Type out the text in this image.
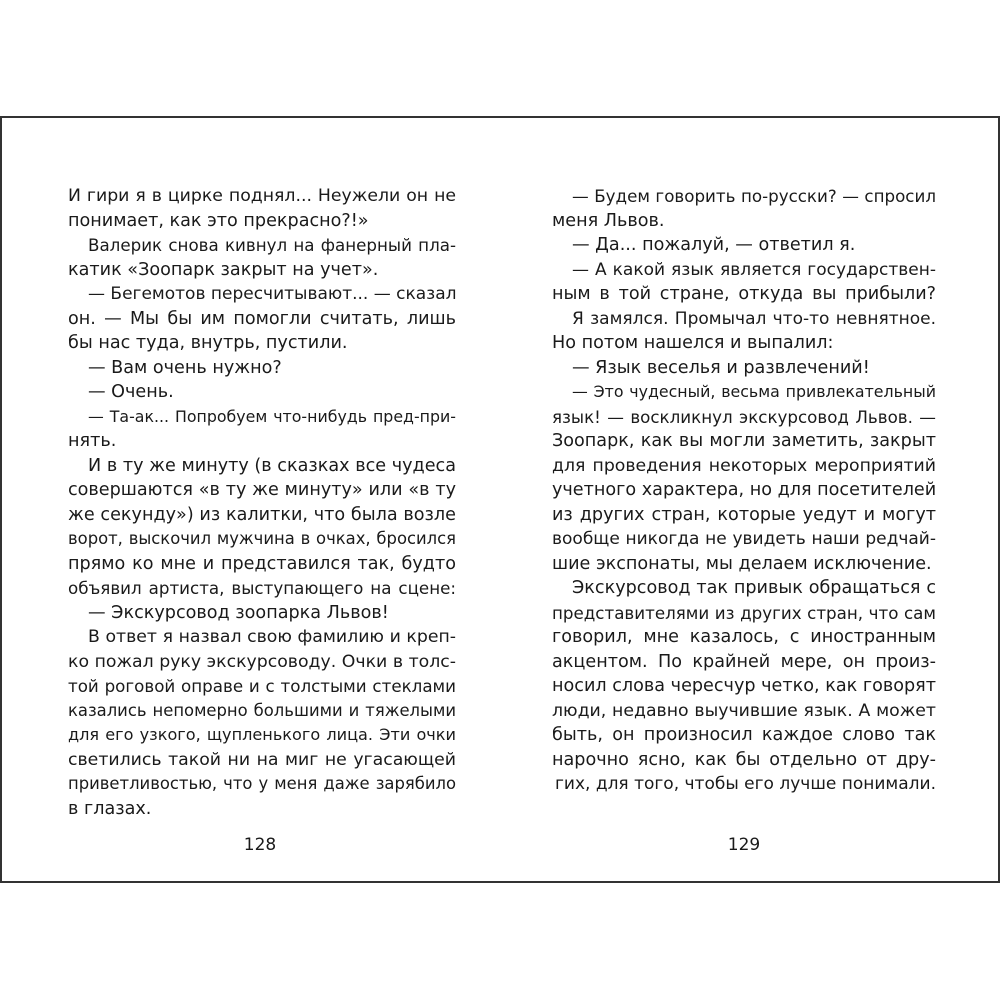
И гири я в цирке поднял... Неужели он не
понимает, как это прекрасно?!»
Валерик снова кивнул на фанерный пла-
катик «Зоопарк закрыт на учет».
— Бегемотов пересчитывают... — сказал
он. — Мы бы им помогли считать, лишь
бы нас туда, внутрь, пустили.
— Вам очень нужно?
— Очень.
— Та-ак... Попробуем что-нибудь пред-при-
нять.
И в ту же минуту (в сказках все чудеса
совершаются «в ту же минуту» или «в ту
же секунду») из калитки, что была возле
ворот, выскочил мужчина в очках, бросился
прямо ко мне и представился так, будто
объявил артиста, выступающего на сцене:
— Экскурсовод зоопарка Львов!
В ответ я назвал свою фамилию и креп-
ко пожал руку экскурсоводу. Очки в толс-
той роговой оправе и с толстыми стеклами
казались непомерно большими и тяжелыми
для его узкого, щупленького лица. Эти очки
светились такой ни на миг не угасающей
приветливостью, что у меня даже зарябило
в глазах.
128
— Будем говорить по-русски? — спросил
меня Львов.
— Да... пожалуй, — ответил я.
— А какой язык является государствен-
ным в той стране, откуда вы прибыли?
Я замялся. Промычал что-то невнятное.
Но потом нашелся и выпалил:
— Язык веселья и развлечений!
— Это чудесный, весьма привлекательный
язык! — воскликнул экскурсовод Львов. —
Зоопарк, как вы могли заметить, закрыт
для проведения некоторых мероприятий
учетного характера, но для посетителей
из других стран, которые уедут и могут
вообще никогда не увидеть наши редчай-
шие экспонаты, мы делаем исключение.
Экскурсовод так привык обращаться с
представителями из других стран, что сам
говорил, мне казалось, с иностранным
акцентом. По крайней мере, он произ-
носил слова чересчур четко, как говорят
люди, недавно выучившие язык. А может
быть, он произносил каждое слово так
нарочно ясно, как бы отдельно от дру-
гих, для того, чтобы его лучше понимали.
129
